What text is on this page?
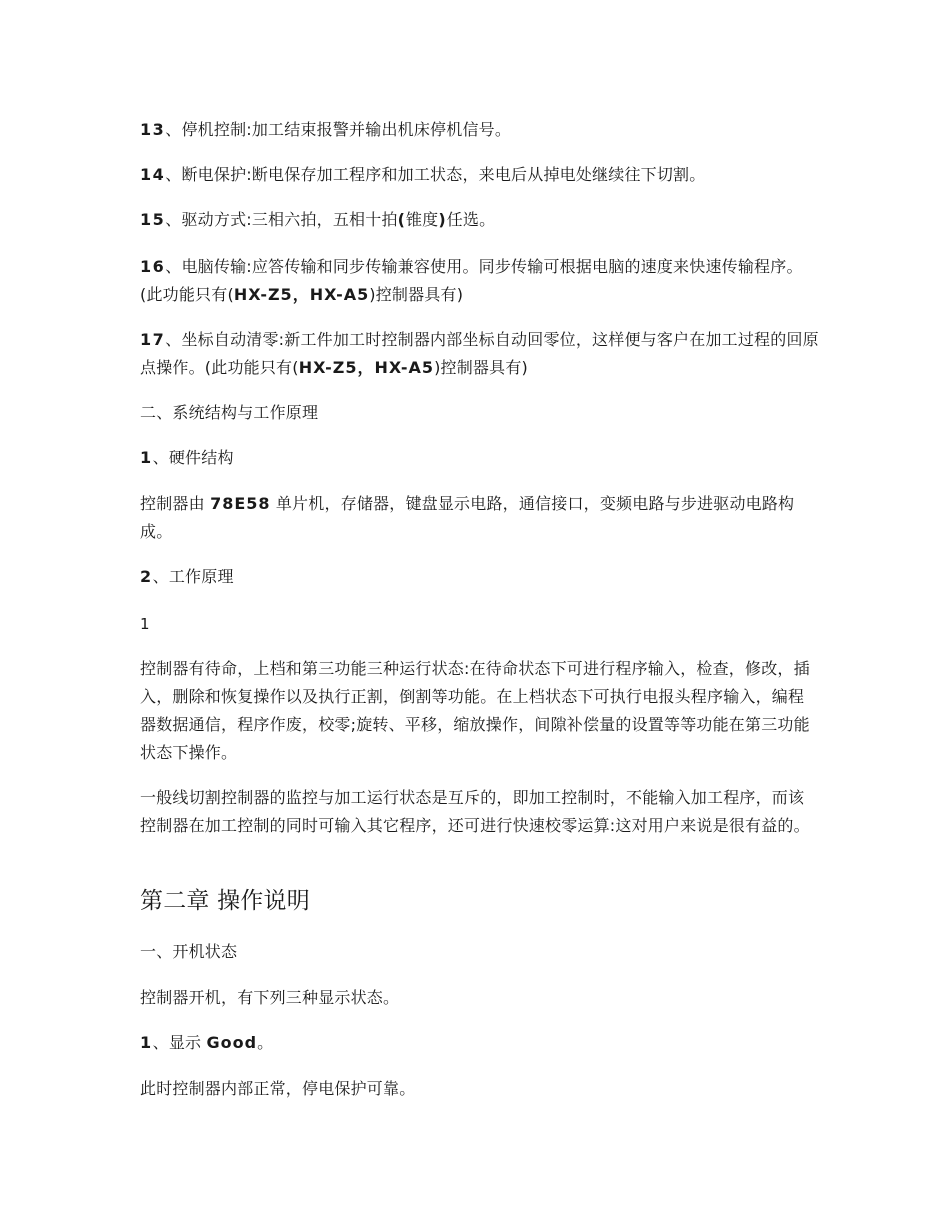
13、停机控制:加工结束报警并输出机床停机信号。

14、断电保护:断电保存加工程序和加工状态，来电后从掉电处继续往下切割。

15、驱动方式:三相六拍，五相十拍(锥度)任选。

16、电脑传输:应答传输和同步传输兼容使用。同步传输可根据电脑的速度来快速传输程序。(此功能只有(HX-Z5，HX-A5)控制器具有)

17、坐标自动清零:新工件加工时控制器内部坐标自动回零位，这样便与客户在加工过程的回原点操作。(此功能只有(HX-Z5，HX-A5)控制器具有)

二、系统结构与工作原理

1、硬件结构

控制器由 78E58 单片机，存储器，键盘显示电路，通信接口，变频电路与步进驱动电路构成。

2、工作原理

1

控制器有待命，上档和第三功能三种运行状态:在待命状态下可进行程序输入，检查，修改，插入，删除和恢复操作以及执行正割，倒割等功能。在上档状态下可执行电报头程序输入，编程器数据通信，程序作废，校零;旋转、平移，缩放操作，间隙补偿量的设置等等功能在第三功能状态下操作。

一般线切割控制器的监控与加工运行状态是互斥的，即加工控制时，不能输入加工程序，而该控制器在加工控制的同时可输入其它程序，还可进行快速校零运算:这对用户来说是很有益的。

第二章 操作说明

一、开机状态

控制器开机，有下列三种显示状态。

1、显示 Good。

此时控制器内部正常，停电保护可靠。
